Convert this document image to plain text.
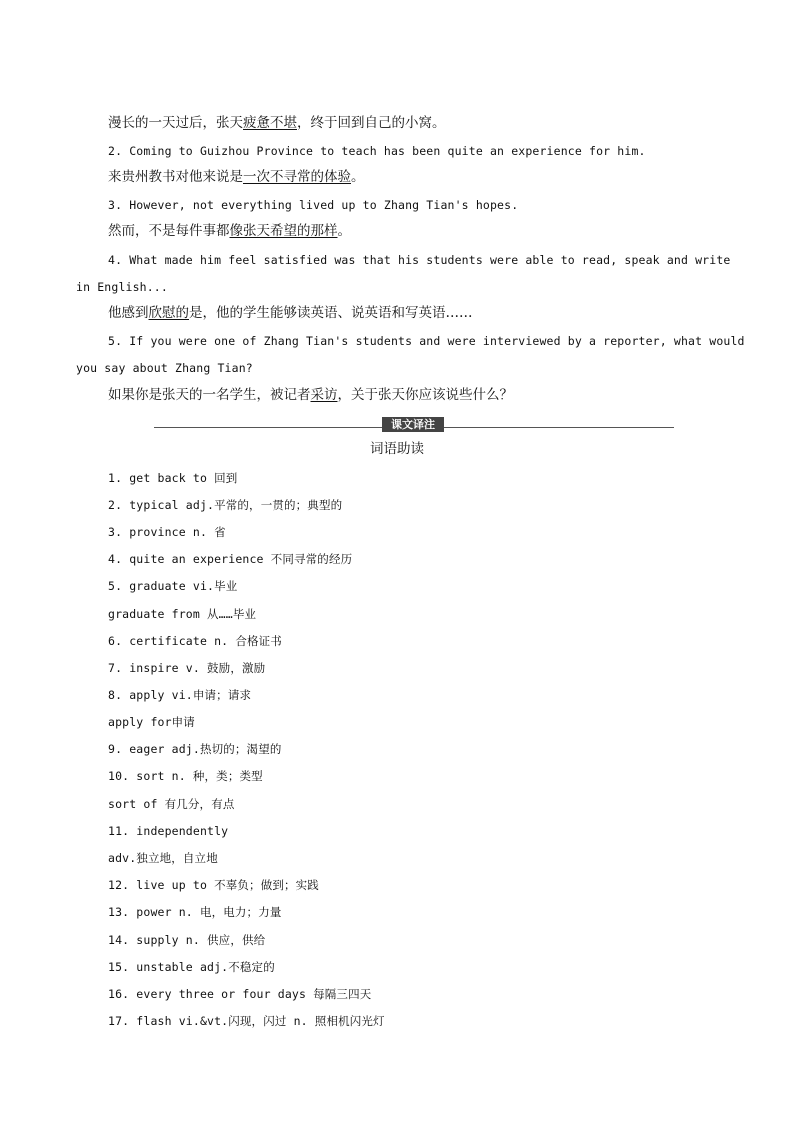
漫长的一天过后，张天疲惫不堪，终于回到自己的小窝。
2. Coming to Guizhou Province to teach has been quite an experience for him.
来贵州教书对他来说是一次不寻常的体验。
3. However, not everything lived up to Zhang Tian's hopes.
然而，不是每件事都像张天希望的那样。
4. What made him feel satisfied was that his students were able to read, speak and write
in English...
他感到欣慰的是，他的学生能够读英语、说英语和写英语……
5. If you were one of Zhang Tian's students and were interviewed by a reporter, what would
you say about Zhang Tian?
如果你是张天的一名学生，被记者采访，关于张天你应该说些什么？
课文译注
词语助读
1. get back to 回到
2. typical adj.平常的，一贯的；典型的
3. province n. 省
4. quite an experience 不同寻常的经历
5. graduate vi.毕业
graduate from 从……毕业
6. certificate n. 合格证书
7. inspire v. 鼓励，激励
8. apply vi.申请；请求
apply for申请
9. eager adj.热切的；渴望的
10. sort n. 种，类；类型
sort of 有几分，有点
11. independently
adv.独立地，自立地
12. live up to 不辜负；做到；实践
13. power n. 电，电力；力量
14. supply n. 供应，供给
15. unstable adj.不稳定的
16. every three or four days 每隔三四天
17. flash vi.&vt.闪现，闪过 n. 照相机闪光灯
